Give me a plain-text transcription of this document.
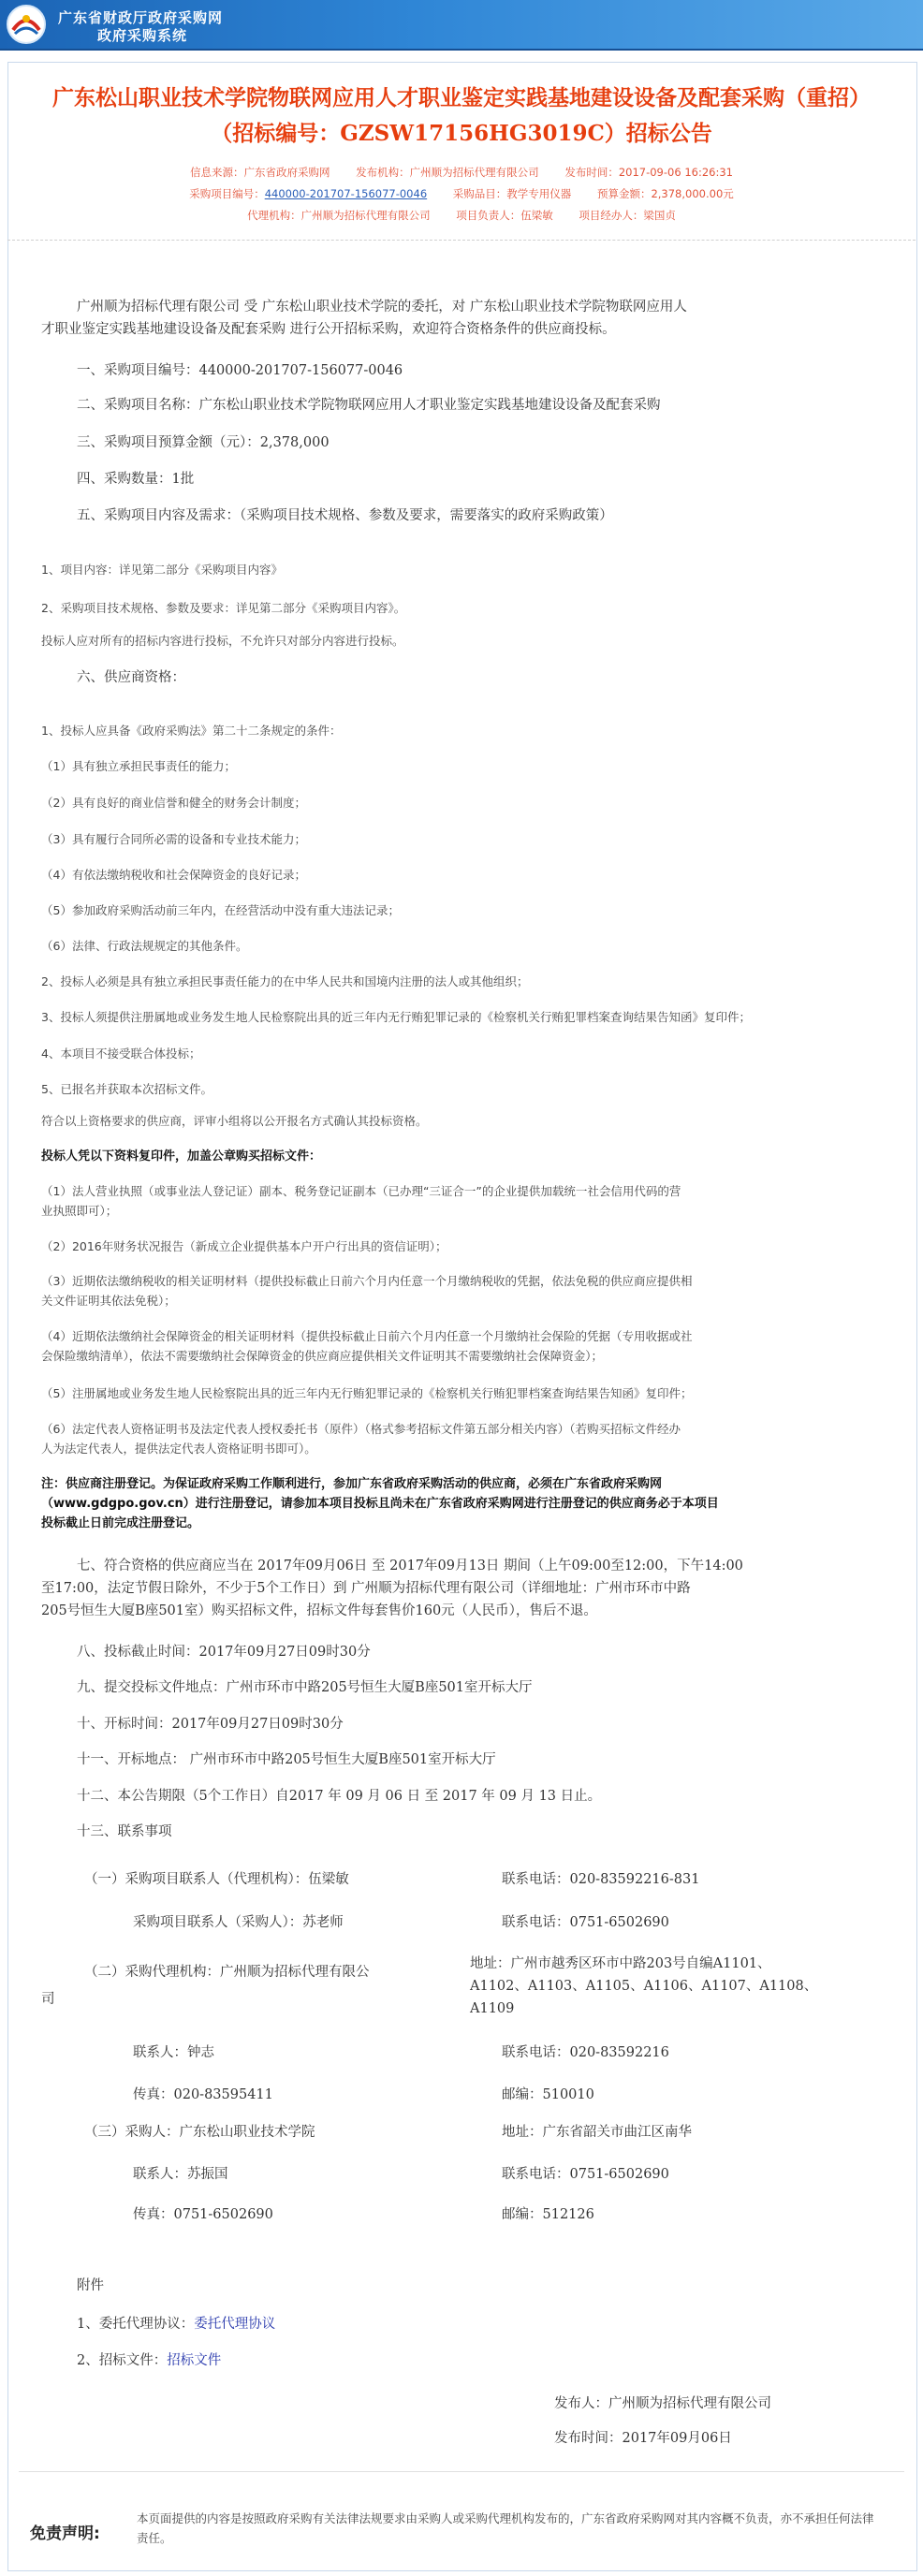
广东省财政厅政府采购网
政府采购系统
广东松山职业技术学院物联网应用人才职业鉴定实践基地建设设备及配套采购（重招）
（招标编号：GZSW17156HG3019C）招标公告
信息来源：广东省政府采购网 发布机构：广州顺为招标代理有限公司 发布时间：2017-09-06 16:26:31
采购项目编号：440000-201707-156077-0046 采购品目：教学专用仪器 预算金额：2,378,000.00元
代理机构：广州顺为招标代理有限公司 项目负责人：伍梁敏 项目经办人：梁国贞
广州顺为招标代理有限公司 受 广东松山职业技术学院的委托，对 广东松山职业技术学院物联网应用人
才职业鉴定实践基地建设设备及配套采购 进行公开招标采购，欢迎符合资格条件的供应商投标。
一、采购项目编号：440000-201707-156077-0046
二、采购项目名称：广东松山职业技术学院物联网应用人才职业鉴定实践基地建设设备及配套采购
三、采购项目预算金额（元）：2,378,000
四、采购数量：1批
五、采购项目内容及需求：（采购项目技术规格、参数及要求，需要落实的政府采购政策）
1、项目内容：详见第二部分《采购项目内容》
2、采购项目技术规格、参数及要求：详见第二部分《采购项目内容》。
投标人应对所有的招标内容进行投标，不允许只对部分内容进行投标。
六、供应商资格：
1、投标人应具备《政府采购法》第二十二条规定的条件：
（1）具有独立承担民事责任的能力；
（2）具有良好的商业信誉和健全的财务会计制度；
（3）具有履行合同所必需的设备和专业技术能力；
（4）有依法缴纳税收和社会保障资金的良好记录；
（5）参加政府采购活动前三年内，在经营活动中没有重大违法记录；
（6）法律、行政法规规定的其他条件。
2、投标人必须是具有独立承担民事责任能力的在中华人民共和国境内注册的法人或其他组织；
3、投标人须提供注册属地或业务发生地人民检察院出具的近三年内无行贿犯罪记录的《检察机关行贿犯罪档案查询结果告知函》复印件；
4、本项目不接受联合体投标；
5、已报名并获取本次招标文件。
符合以上资格要求的供应商，评审小组将以公开报名方式确认其投标资格。
投标人凭以下资料复印件，加盖公章购买招标文件：
（1）法人营业执照（或事业法人登记证）副本、税务登记证副本（已办理“三证合一”的企业提供加载统一社会信用代码的营
业执照即可）；
（2）2016年财务状况报告（新成立企业提供基本户开户行出具的资信证明）；
（3）近期依法缴纳税收的相关证明材料（提供投标截止日前六个月内任意一个月缴纳税收的凭据，依法免税的供应商应提供相
关文件证明其依法免税）；
（4）近期依法缴纳社会保障资金的相关证明材料（提供投标截止日前六个月内任意一个月缴纳社会保险的凭据（专用收据或社
会保险缴纳清单），依法不需要缴纳社会保障资金的供应商应提供相关文件证明其不需要缴纳社会保障资金）；
（5）注册属地或业务发生地人民检察院出具的近三年内无行贿犯罪记录的《检察机关行贿犯罪档案查询结果告知函》复印件；
（6）法定代表人资格证明书及法定代表人授权委托书（原件）（格式参考招标文件第五部分相关内容）（若购买招标文件经办
人为法定代表人，提供法定代表人资格证明书即可）。
注：供应商注册登记。为保证政府采购工作顺利进行，参加广东省政府采购活动的供应商，必须在广东省政府采购网
（www.gdgpo.gov.cn）进行注册登记，请参加本项目投标且尚未在广东省政府采购网进行注册登记的供应商务必于本项目
投标截止日前完成注册登记。
七、符合资格的供应商应当在 2017年09月06日 至 2017年09月13日 期间（上午09:00至12:00，下午14:00
至17:00，法定节假日除外，不少于5个工作日）到 广州顺为招标代理有限公司（详细地址：广州市环市中路
205号恒生大厦B座501室）购买招标文件，招标文件每套售价160元（人民币），售后不退。
八、投标截止时间：2017年09月27日09时30分
九、提交投标文件地点：广州市环市中路205号恒生大厦B座501室开标大厅
十、开标时间：2017年09月27日09时30分
十一、开标地点： 广州市环市中路205号恒生大厦B座501室开标大厅
十二、本公告期限（5个工作日）自2017 年 09 月 06 日 至 2017 年 09 月 13 日止。
十三、联系事项
（一）采购项目联系人（代理机构）：伍梁敏	联系电话：020-83592216-831
采购项目联系人（采购人）：苏老师	联系电话：0751-6502690
（二）采购代理机构：广州顺为招标代理有限公
司
地址：广州市越秀区环市中路203号自编A1101、
A1102、A1103、A1105、A1106、A1107、A1108、
A1109
联系人：钟志	联系电话：020-83592216
传真：020-83595411	邮编：510010
（三）采购人：广东松山职业技术学院	地址：广东省韶关市曲江区南华
联系人：苏振国	联系电话：0751-6502690
传真：0751-6502690	邮编：512126
附件
1、委托代理协议：委托代理协议
2、招标文件：招标文件
发布人：广州顺为招标代理有限公司
发布时间：2017年09月06日
免责声明:
本页面提供的内容是按照政府采购有关法律法规要求由采购人或采购代理机构发布的，广东省政府采购网对其内容概不负责，亦不承担任何法律责任。
